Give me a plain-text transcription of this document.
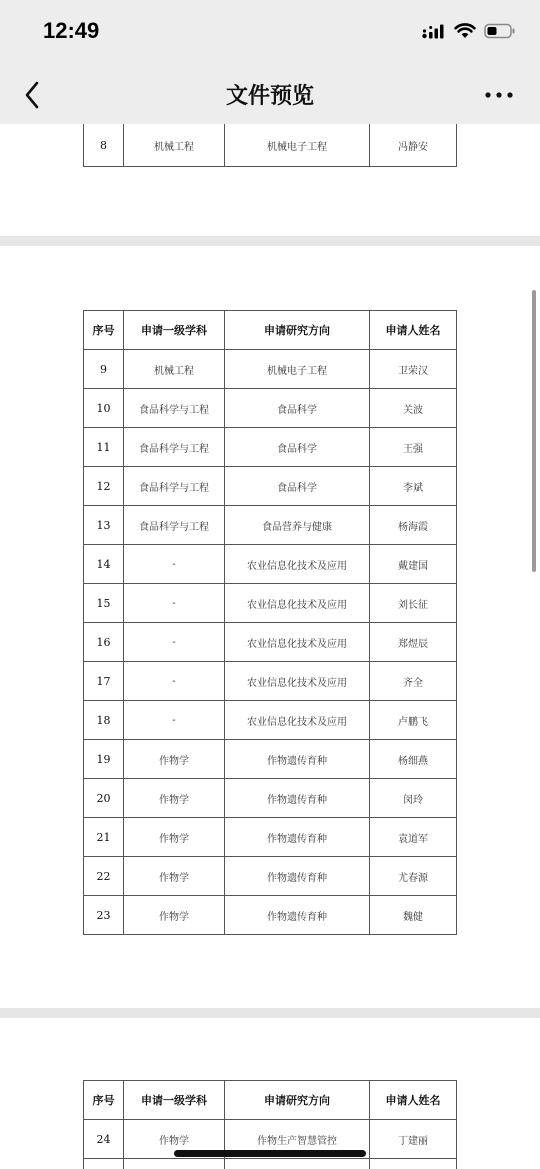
12:49
文件预览
8	机械工程	机械电子工程	冯静安
序号	申请一级学科	申请研究方向	申请人姓名
9	机械工程	机械电子工程	卫荣汉
10	食品科学与工程	食品科学	关波
11	食品科学与工程	食品科学	王强
12	食品科学与工程	食品科学	李斌
13	食品科学与工程	食品营养与健康	杨海霞
14	-	农业信息化技术及应用	戴建国
15	-	农业信息化技术及应用	刘长征
16	-	农业信息化技术及应用	郑煜辰
17	-	农业信息化技术及应用	齐全
18	-	农业信息化技术及应用	卢鹏飞
19	作物学	作物遗传育种	杨细燕
20	作物学	作物遗传育种	闵玲
21	作物学	作物遗传育种	袁道军
22	作物学	作物遗传育种	尤春源
23	作物学	作物遗传育种	魏健
序号	申请一级学科	申请研究方向	申请人姓名
24	作物学	作物生产智慧管控	丁建丽
